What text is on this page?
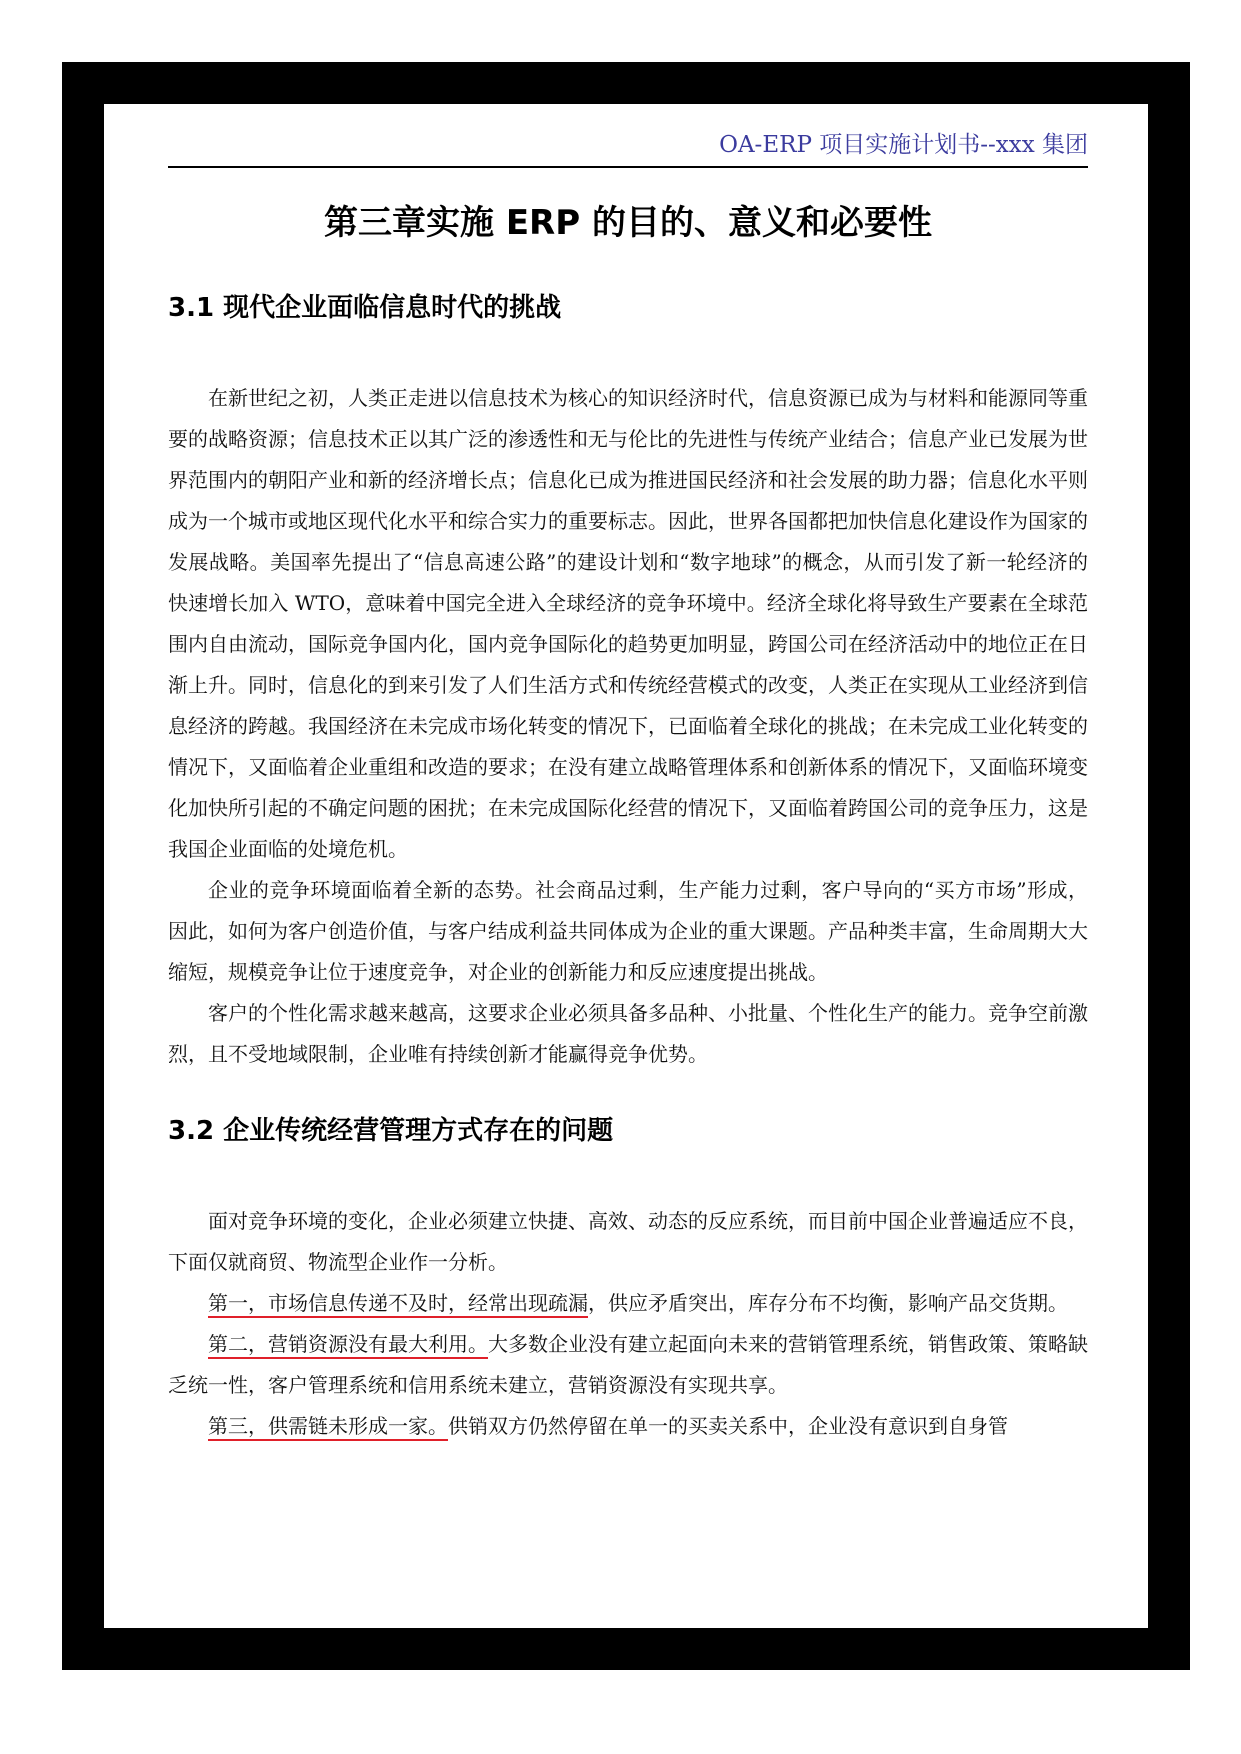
OA-ERP 项目实施计划书--xxx 集团
第三章实施 ERP 的目的、意义和必要性
3.1 现代企业面临信息时代的挑战

在新世纪之初，人类正走进以信息技术为核心的知识经济时代，信息资源已成为与材料和能源同等重要的战略资源；信息技术正以其广泛的渗透性和无与伦比的先进性与传统产业结合；信息产业已发展为世界范围内的朝阳产业和新的经济增长点；信息化已成为推进国民经济和社会发展的助力器；信息化水平则成为一个城市或地区现代化水平和综合实力的重要标志。因此，世界各国都把加快信息化建设作为国家的发展战略。美国率先提出了“信息高速公路”的建设计划和“数字地球”的概念，从而引发了新一轮经济的快速增长加入 WTO，意味着中国完全进入全球经济的竞争环境中。经济全球化将导致生产要素在全球范围内自由流动，国际竞争国内化，国内竞争国际化的趋势更加明显，跨国公司在经济活动中的地位正在日渐上升。同时，信息化的到来引发了人们生活方式和传统经营模式的改变，人类正在实现从工业经济到信息经济的跨越。我国经济在未完成市场化转变的情况下，已面临着全球化的挑战；在未完成工业化转变的情况下，又面临着企业重组和改造的要求；在没有建立战略管理体系和创新体系的情况下，又面临环境变化加快所引起的不确定问题的困扰；在未完成国际化经营的情况下，又面临着跨国公司的竞争压力，这是我国企业面临的处境危机。

企业的竞争环境面临着全新的态势。社会商品过剩，生产能力过剩，客户导向的“买方市场”形成，因此，如何为客户创造价值，与客户结成利益共同体成为企业的重大课题。产品种类丰富，生命周期大大缩短，规模竞争让位于速度竞争，对企业的创新能力和反应速度提出挑战。

客户的个性化需求越来越高，这要求企业必须具备多品种、小批量、个性化生产的能力。竞争空前激烈，且不受地域限制，企业唯有持续创新才能赢得竞争优势。

3.2 企业传统经营管理方式存在的问题

面对竞争环境的变化，企业必须建立快捷、高效、动态的反应系统，而目前中国企业普遍适应不良，下面仅就商贸、物流型企业作一分析。

第一，市场信息传递不及时，经常出现疏漏，供应矛盾突出，库存分布不均衡，影响产品交货期。

第二，营销资源没有最大利用。大多数企业没有建立起面向未来的营销管理系统，销售政策、策略缺乏统一性，客户管理系统和信用系统未建立，营销资源没有实现共享。

第三，供需链未形成一家。供销双方仍然停留在单一的买卖关系中，企业没有意识到自身管
